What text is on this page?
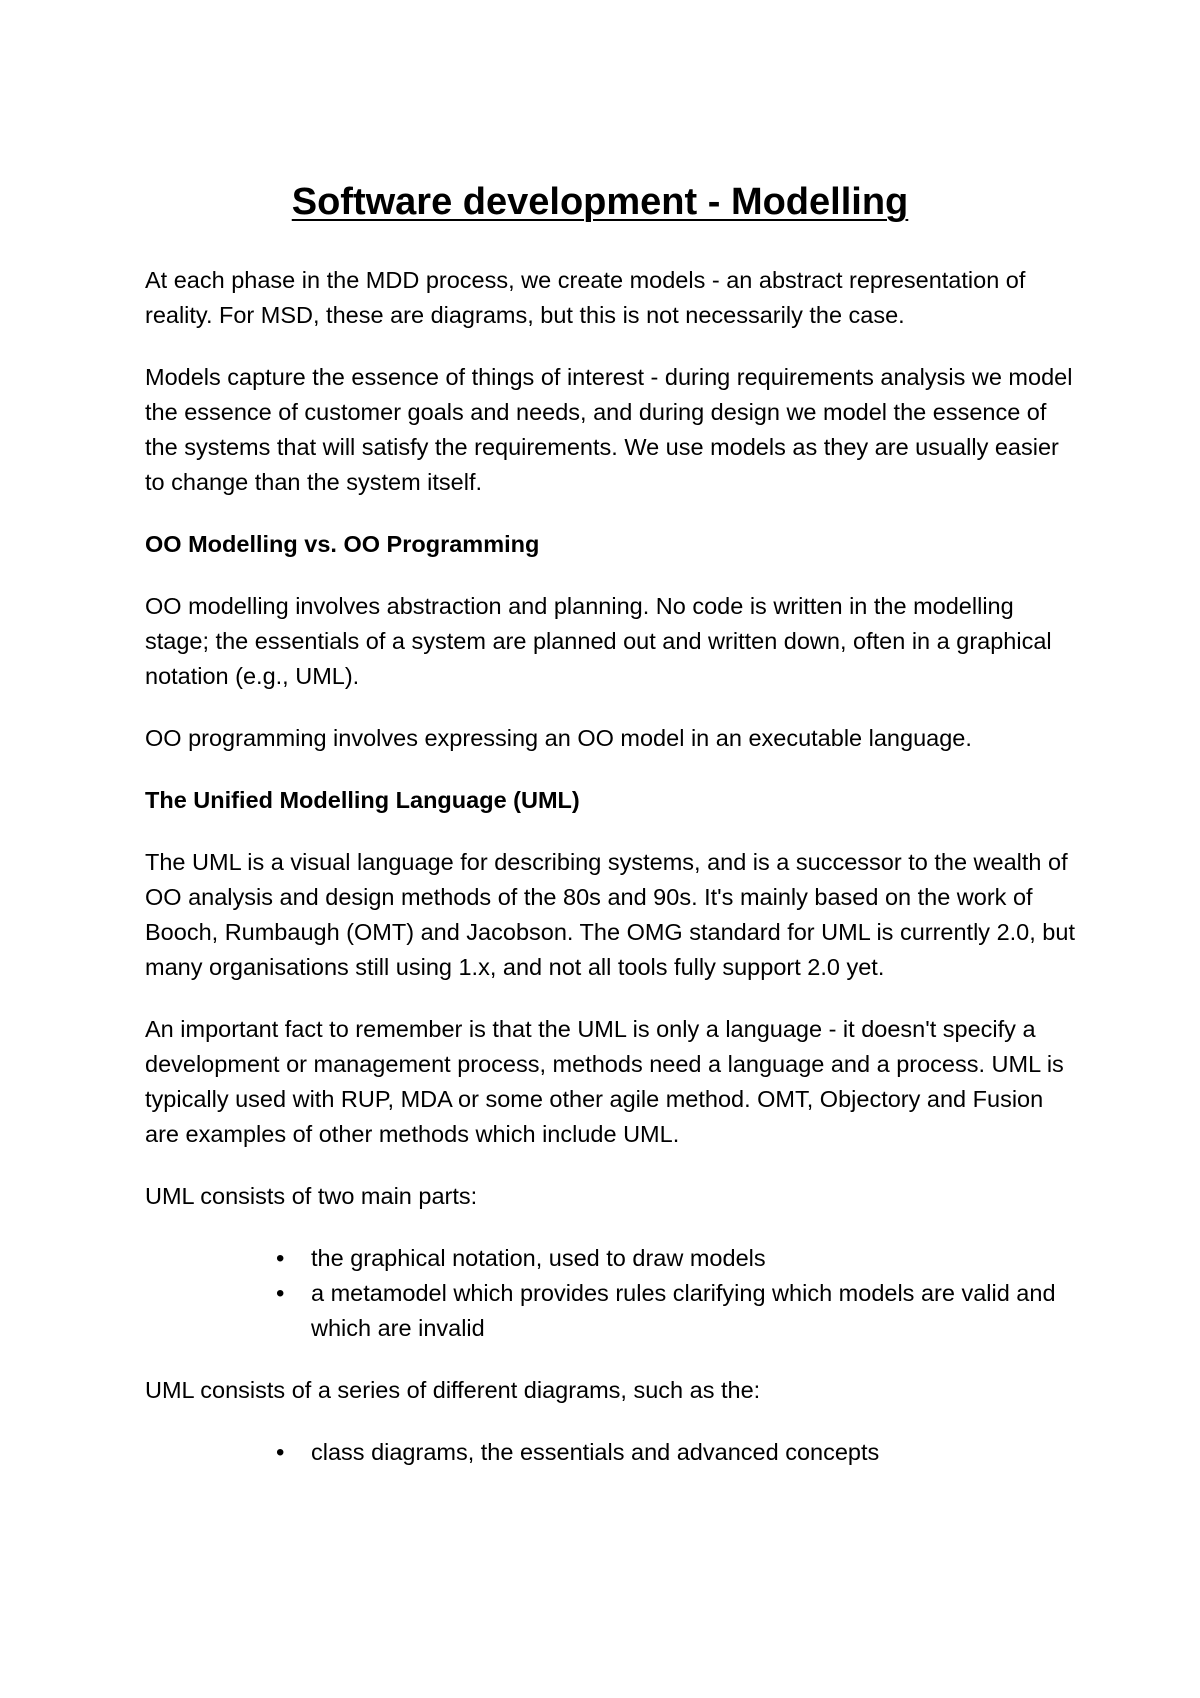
Software development - Modelling

At each phase in the MDD process, we create models - an abstract representation of reality. For MSD, these are diagrams, but this is not necessarily the case.

Models capture the essence of things of interest - during requirements analysis we model the essence of customer goals and needs, and during design we model the essence of the systems that will satisfy the requirements. We use models as they are usually easier to change than the system itself.

OO Modelling vs. OO Programming

OO modelling involves abstraction and planning. No code is written in the modelling stage; the essentials of a system are planned out and written down, often in a graphical notation (e.g., UML).

OO programming involves expressing an OO model in an executable language.

The Unified Modelling Language (UML)

The UML is a visual language for describing systems, and is a successor to the wealth of OO analysis and design methods of the 80s and 90s. It's mainly based on the work of Booch, Rumbaugh (OMT) and Jacobson. The OMG standard for UML is currently 2.0, but many organisations still using 1.x, and not all tools fully support 2.0 yet.

An important fact to remember is that the UML is only a language - it doesn't specify a development or management process, methods need a language and a process. UML is typically used with RUP, MDA or some other agile method. OMT, Objectory and Fusion are examples of other methods which include UML.

UML consists of two main parts:

• the graphical notation, used to draw models
• a metamodel which provides rules clarifying which models are valid and which are invalid

UML consists of a series of different diagrams, such as the:

• class diagrams, the essentials and advanced concepts
